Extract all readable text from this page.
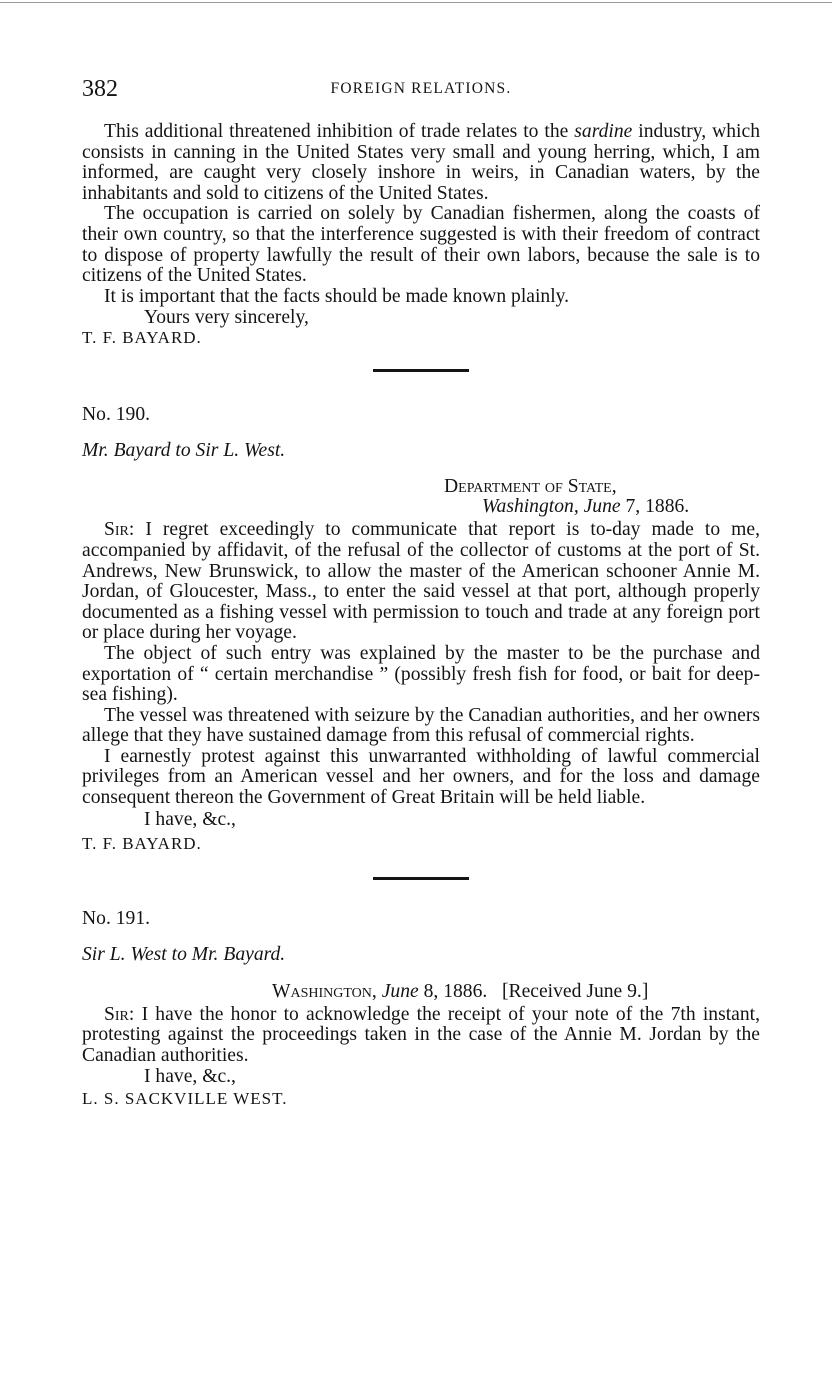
382	FOREIGN RELATIONS.

This additional threatened inhibition of trade relates to the sardine industry, which consists in canning in the United States very small and young herring, which, I am informed, are caught very closely inshore in weirs, in Canadian waters, by the inhabitants and sold to citizens of the United States.

The occupation is carried on solely by Canadian fishermen, along the coasts of their own country, so that the interference suggested is with their freedom of contract to dispose of property lawfully the result of their own labors, because the sale is to citizens of the United States.

It is important that the facts should be made known plainly.

Yours very sincerely,

T. F. BAYARD.

No. 190.

Mr. Bayard to Sir L. West.

Department of State,

Washington, June 7, 1886.

Sir: I regret exceedingly to communicate that report is to-day made to me, accompanied by affidavit, of the refusal of the collector of customs at the port of St. Andrews, New Brunswick, to allow the master of the American schooner Annie M. Jordan, of Gloucester, Mass., to enter the said vessel at that port, although properly documented as a fishing vessel with permission to touch and trade at any foreign port or place during her voyage.

The object of such entry was explained by the master to be the purchase and exportation of “ certain merchandise ” (possibly fresh fish for food, or bait for deep-sea fishing).

The vessel was threatened with seizure by the Canadian authorities, and her owners allege that they have sustained damage from this refusal of commercial rights.

I earnestly protest against this unwarranted withholding of lawful commercial privileges from an American vessel and her owners, and for the loss and damage consequent thereon the Government of Great Britain will be held liable.

I have, &c.,

T. F. BAYARD.

No. 191.

Sir L. West to Mr. Bayard.

Washington, June 8, 1886. [Received June 9.]

Sir: I have the honor to acknowledge the receipt of your note of the 7th instant, protesting against the proceedings taken in the case of the Annie M. Jordan by the Canadian authorities.

I have, &c.,

L. S. SACKVILLE WEST.
